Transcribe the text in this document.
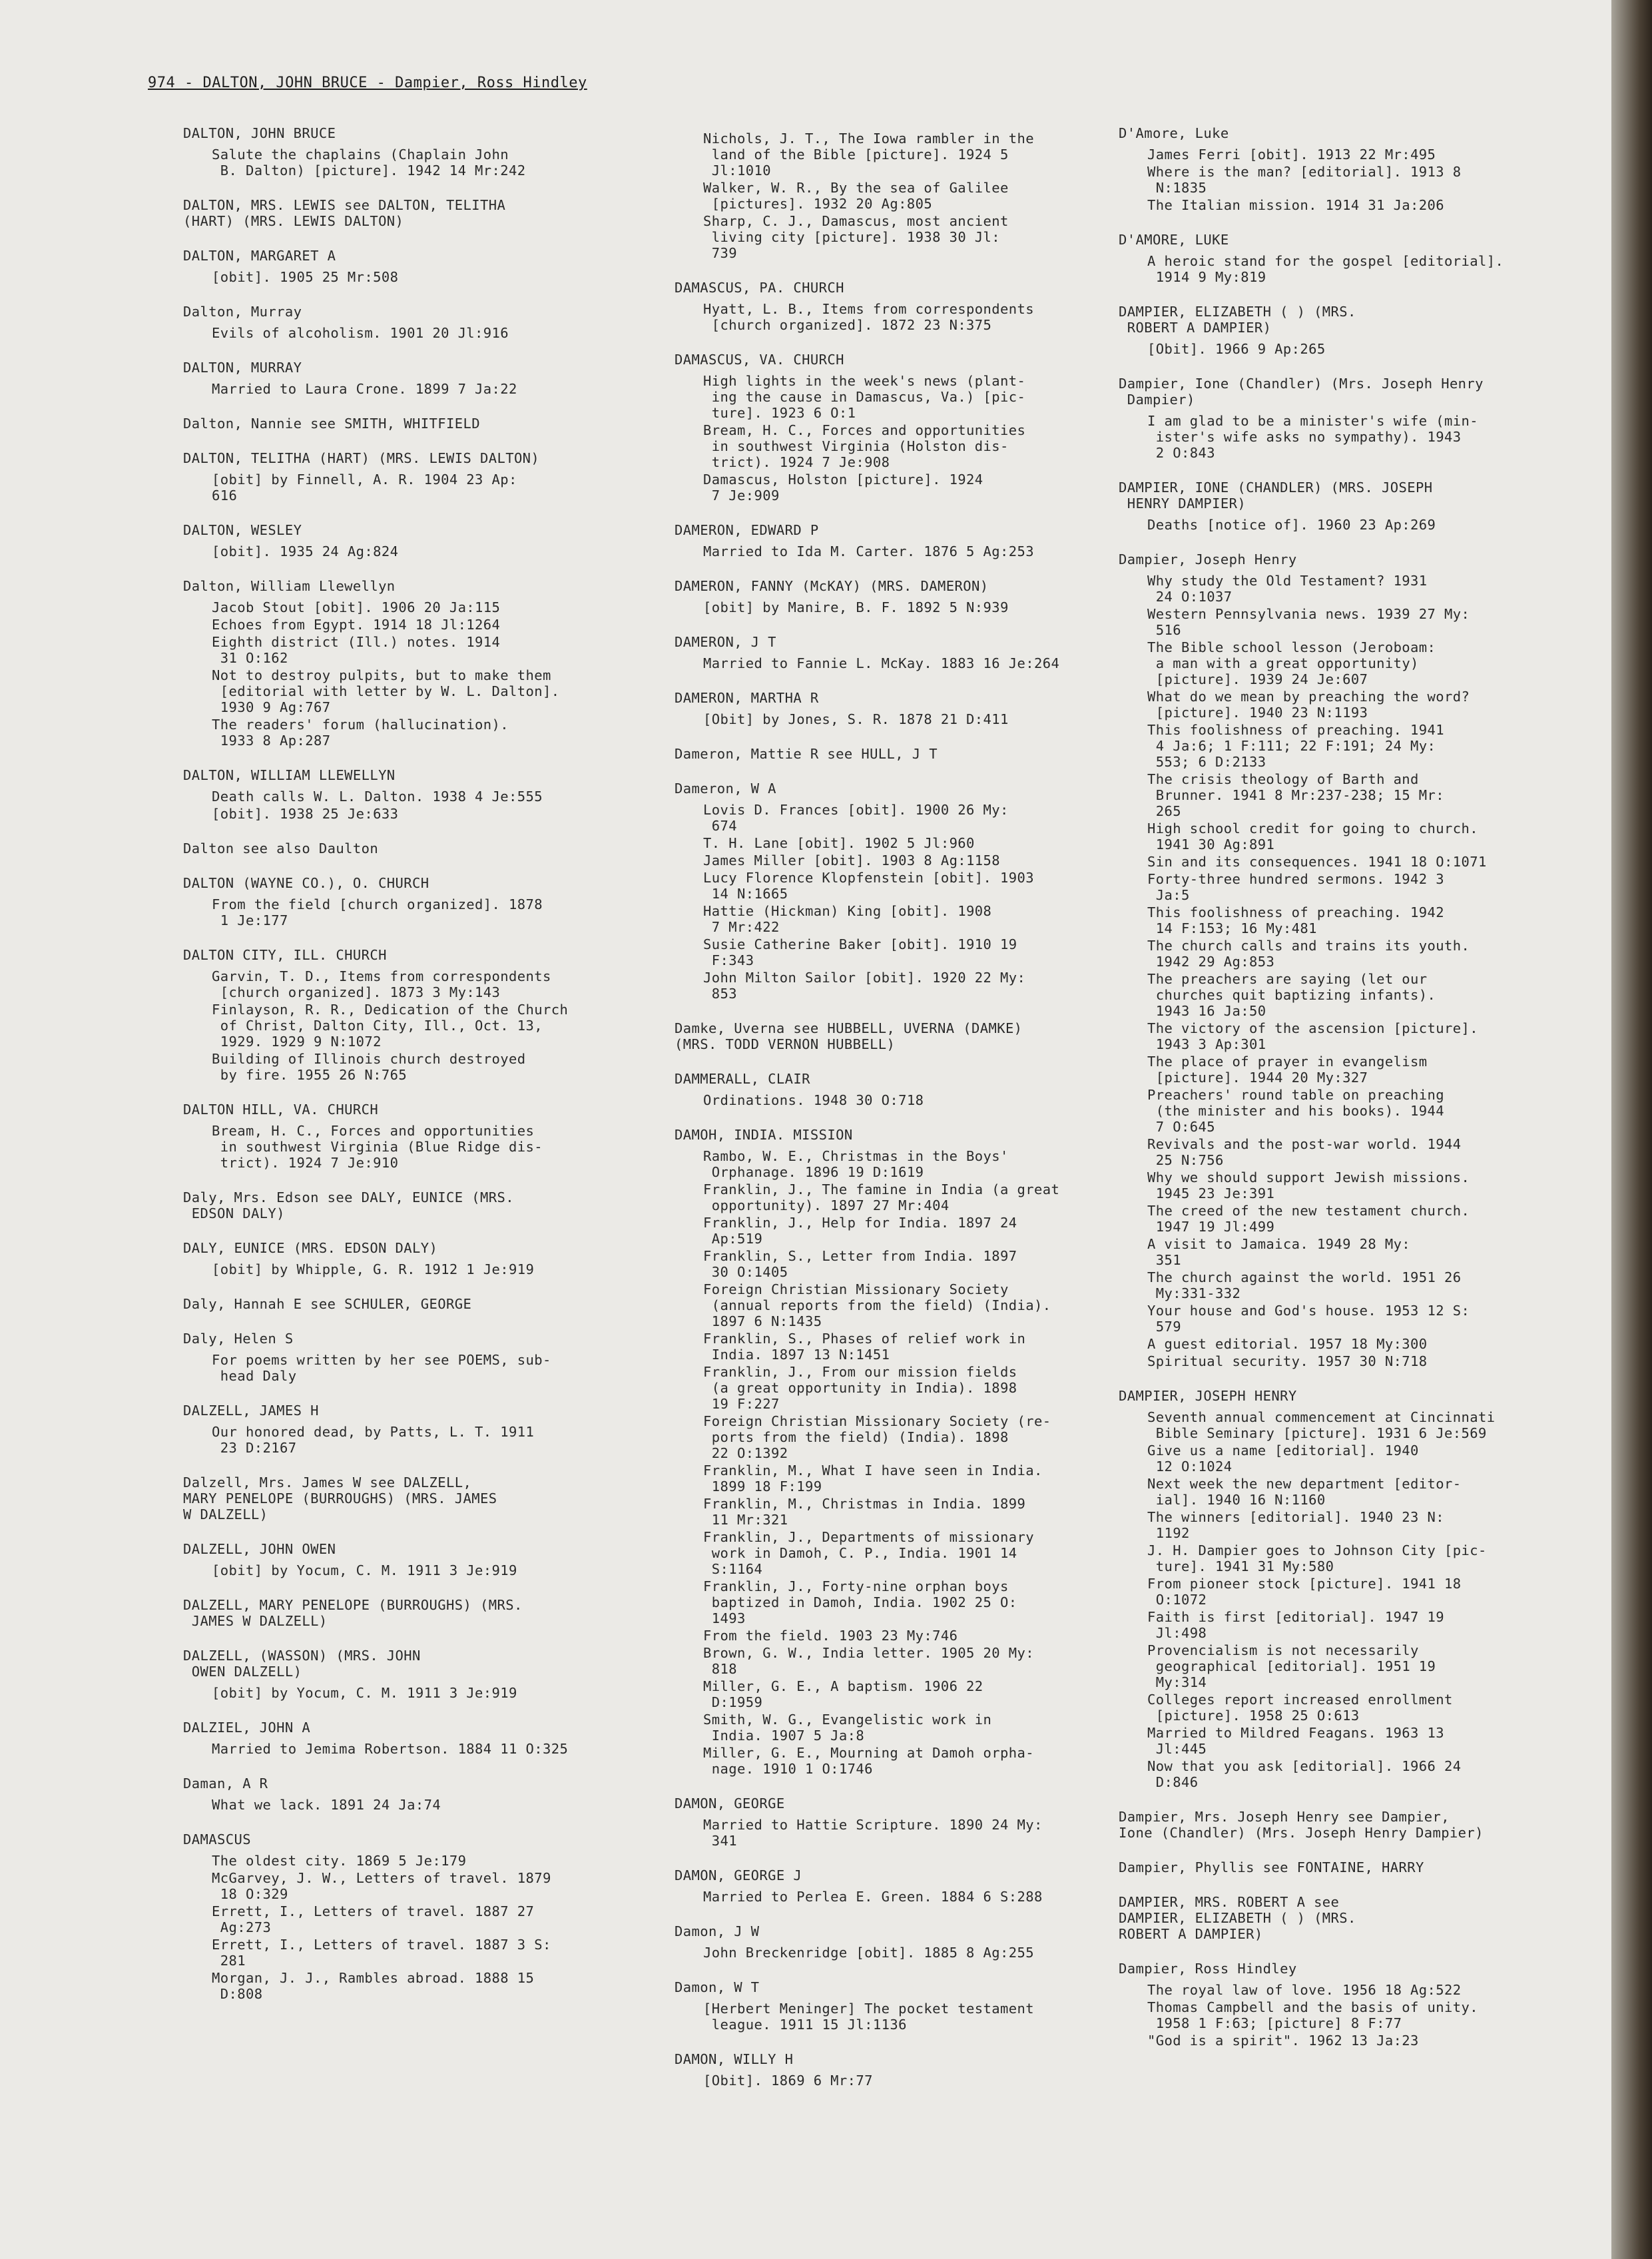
974 - DALTON, JOHN BRUCE - Dampier, Ross Hindley
DALTON, JOHN BRUCE
Salute the chaplains (Chaplain John
B. Dalton) [picture]. 1942 14 Mr:242
DALTON, MRS. LEWIS see DALTON, TELITHA
(HART) (MRS. LEWIS DALTON)
DALTON, MARGARET A
[obit]. 1905 25 Mr:508
Dalton, Murray
Evils of alcoholism. 1901 20 Jl:916
DALTON, MURRAY
Married to Laura Crone. 1899 7 Ja:22
Dalton, Nannie see SMITH, WHITFIELD
DALTON, TELITHA (HART) (MRS. LEWIS DALTON)
[obit] by Finnell, A. R. 1904 23 Ap:
616
DALTON, WESLEY
[obit]. 1935 24 Ag:824
Dalton, William Llewellyn
Jacob Stout [obit]. 1906 20 Ja:115
Echoes from Egypt. 1914 18 Jl:1264
Eighth district (Ill.) notes. 1914
31 O:162
Not to destroy pulpits, but to make them
[editorial with letter by W. L. Dalton].
1930 9 Ag:767
The readers' forum (hallucination).
1933 8 Ap:287
DALTON, WILLIAM LLEWELLYN
Death calls W. L. Dalton. 1938 4 Je:555
[obit]. 1938 25 Je:633
Dalton see also Daulton
DALTON (WAYNE CO.), O. CHURCH
From the field [church organized]. 1878
1 Je:177
DALTON CITY, ILL. CHURCH
Garvin, T. D., Items from correspondents
[church organized]. 1873 3 My:143
Finlayson, R. R., Dedication of the Church
of Christ, Dalton City, Ill., Oct. 13,
1929. 1929 9 N:1072
Building of Illinois church destroyed
by fire. 1955 26 N:765
DALTON HILL, VA. CHURCH
Bream, H. C., Forces and opportunities
in southwest Virginia (Blue Ridge dis-
trict). 1924 7 Je:910
Daly, Mrs. Edson see DALY, EUNICE (MRS.
EDSON DALY)
DALY, EUNICE (MRS. EDSON DALY)
[obit] by Whipple, G. R. 1912 1 Je:919
Daly, Hannah E see SCHULER, GEORGE
Daly, Helen S
For poems written by her see POEMS, sub-
head Daly
DALZELL, JAMES H
Our honored dead, by Patts, L. T. 1911
23 D:2167
Dalzell, Mrs. James W see DALZELL,
MARY PENELOPE (BURROUGHS) (MRS. JAMES
W DALZELL)
DALZELL, JOHN OWEN
[obit] by Yocum, C. M. 1911 3 Je:919
DALZELL, MARY PENELOPE (BURROUGHS) (MRS.
JAMES W DALZELL)
DALZELL, (WASSON) (MRS. JOHN
OWEN DALZELL)
[obit] by Yocum, C. M. 1911 3 Je:919
DALZIEL, JOHN A
Married to Jemima Robertson. 1884 11 O:325
Daman, A R
What we lack. 1891 24 Ja:74
DAMASCUS
The oldest city. 1869 5 Je:179
McGarvey, J. W., Letters of travel. 1879
18 O:329
Errett, I., Letters of travel. 1887 27
Ag:273
Errett, I., Letters of travel. 1887 3 S:
281
Morgan, J. J., Rambles abroad. 1888 15
D:808
Nichols, J. T., The Iowa rambler in the
land of the Bible [picture]. 1924 5
Jl:1010
Walker, W. R., By the sea of Galilee
[pictures]. 1932 20 Ag:805
Sharp, C. J., Damascus, most ancient
living city [picture]. 1938 30 Jl:
739
DAMASCUS, PA. CHURCH
Hyatt, L. B., Items from correspondents
[church organized]. 1872 23 N:375
DAMASCUS, VA. CHURCH
High lights in the week's news (plant-
ing the cause in Damascus, Va.) [pic-
ture]. 1923 6 O:1
Bream, H. C., Forces and opportunities
in southwest Virginia (Holston dis-
trict). 1924 7 Je:908
Damascus, Holston [picture]. 1924
7 Je:909
DAMERON, EDWARD P
Married to Ida M. Carter. 1876 5 Ag:253
DAMERON, FANNY (McKAY) (MRS. DAMERON)
[obit] by Manire, B. F. 1892 5 N:939
DAMERON, J T
Married to Fannie L. McKay. 1883 16 Je:264
DAMERON, MARTHA R
[Obit] by Jones, S. R. 1878 21 D:411
Dameron, Mattie R see HULL, J T
Dameron, W A
Lovis D. Frances [obit]. 1900 26 My:
674
T. H. Lane [obit]. 1902 5 Jl:960
James Miller [obit]. 1903 8 Ag:1158
Lucy Florence Klopfenstein [obit]. 1903
14 N:1665
Hattie (Hickman) King [obit]. 1908
7 Mr:422
Susie Catherine Baker [obit]. 1910 19
F:343
John Milton Sailor [obit]. 1920 22 My:
853
Damke, Uverna see HUBBELL, UVERNA (DAMKE)
(MRS. TODD VERNON HUBBELL)
DAMMERALL, CLAIR
Ordinations. 1948 30 O:718
DAMOH, INDIA. MISSION
Rambo, W. E., Christmas in the Boys'
Orphanage. 1896 19 D:1619
Franklin, J., The famine in India (a great
opportunity). 1897 27 Mr:404
Franklin, J., Help for India. 1897 24
Ap:519
Franklin, S., Letter from India. 1897
30 O:1405
Foreign Christian Missionary Society
(annual reports from the field) (India).
1897 6 N:1435
Franklin, S., Phases of relief work in
India. 1897 13 N:1451
Franklin, J., From our mission fields
(a great opportunity in India). 1898
19 F:227
Foreign Christian Missionary Society (re-
ports from the field) (India). 1898
22 O:1392
Franklin, M., What I have seen in India.
1899 18 F:199
Franklin, M., Christmas in India. 1899
11 Mr:321
Franklin, J., Departments of missionary
work in Damoh, C. P., India. 1901 14
S:1164
Franklin, J., Forty-nine orphan boys
baptized in Damoh, India. 1902 25 O:
1493
From the field. 1903 23 My:746
Brown, G. W., India letter. 1905 20 My:
818
Miller, G. E., A baptism. 1906 22
D:1959
Smith, W. G., Evangelistic work in
India. 1907 5 Ja:8
Miller, G. E., Mourning at Damoh orpha-
nage. 1910 1 O:1746
DAMON, GEORGE
Married to Hattie Scripture. 1890 24 My:
341
DAMON, GEORGE J
Married to Perlea E. Green. 1884 6 S:288
Damon, J W
John Breckenridge [obit]. 1885 8 Ag:255
Damon, W T
[Herbert Meninger] The pocket testament
league. 1911 15 Jl:1136
DAMON, WILLY H
[Obit]. 1869 6 Mr:77
D'Amore, Luke
James Ferri [obit]. 1913 22 Mr:495
Where is the man? [editorial]. 1913 8
N:1835
The Italian mission. 1914 31 Ja:206
D'AMORE, LUKE
A heroic stand for the gospel [editorial].
1914 9 My:819
DAMPIER, ELIZABETH ( ) (MRS.
ROBERT A DAMPIER)
[Obit]. 1966 9 Ap:265
Dampier, Ione (Chandler) (Mrs. Joseph Henry
Dampier)
I am glad to be a minister's wife (min-
ister's wife asks no sympathy). 1943
2 O:843
DAMPIER, IONE (CHANDLER) (MRS. JOSEPH
HENRY DAMPIER)
Deaths [notice of]. 1960 23 Ap:269
Dampier, Joseph Henry
Why study the Old Testament? 1931
24 O:1037
Western Pennsylvania news. 1939 27 My:
516
The Bible school lesson (Jeroboam:
a man with a great opportunity)
[picture]. 1939 24 Je:607
What do we mean by preaching the word?
[picture]. 1940 23 N:1193
This foolishness of preaching. 1941
4 Ja:6; 1 F:111; 22 F:191; 24 My:
553; 6 D:2133
The crisis theology of Barth and
Brunner. 1941 8 Mr:237-238; 15 Mr:
265
High school credit for going to church.
1941 30 Ag:891
Sin and its consequences. 1941 18 O:1071
Forty-three hundred sermons. 1942 3
Ja:5
This foolishness of preaching. 1942
14 F:153; 16 My:481
The church calls and trains its youth.
1942 29 Ag:853
The preachers are saying (let our
churches quit baptizing infants).
1943 16 Ja:50
The victory of the ascension [picture].
1943 3 Ap:301
The place of prayer in evangelism
[picture]. 1944 20 My:327
Preachers' round table on preaching
(the minister and his books). 1944
7 O:645
Revivals and the post-war world. 1944
25 N:756
Why we should support Jewish missions.
1945 23 Je:391
The creed of the new testament church.
1947 19 Jl:499
A visit to Jamaica. 1949 28 My:
351
The church against the world. 1951 26
My:331-332
Your house and God's house. 1953 12 S:
579
A guest editorial. 1957 18 My:300
Spiritual security. 1957 30 N:718
DAMPIER, JOSEPH HENRY
Seventh annual commencement at Cincinnati
Bible Seminary [picture]. 1931 6 Je:569
Give us a name [editorial]. 1940
12 O:1024
Next week the new department [editor-
ial]. 1940 16 N:1160
The winners [editorial]. 1940 23 N:
1192
J. H. Dampier goes to Johnson City [pic-
ture]. 1941 31 My:580
From pioneer stock [picture]. 1941 18
O:1072
Faith is first [editorial]. 1947 19
Jl:498
Provencialism is not necessarily
geographical [editorial]. 1951 19
My:314
Colleges report increased enrollment
[picture]. 1958 25 O:613
Married to Mildred Feagans. 1963 13
Jl:445
Now that you ask [editorial]. 1966 24
D:846
Dampier, Mrs. Joseph Henry see Dampier,
Ione (Chandler) (Mrs. Joseph Henry Dampier)
Dampier, Phyllis see FONTAINE, HARRY
DAMPIER, MRS. ROBERT A see
DAMPIER, ELIZABETH ( ) (MRS.
ROBERT A DAMPIER)
Dampier, Ross Hindley
The royal law of love. 1956 18 Ag:522
Thomas Campbell and the basis of unity.
1958 1 F:63; [picture] 8 F:77
"God is a spirit". 1962 13 Ja:23
